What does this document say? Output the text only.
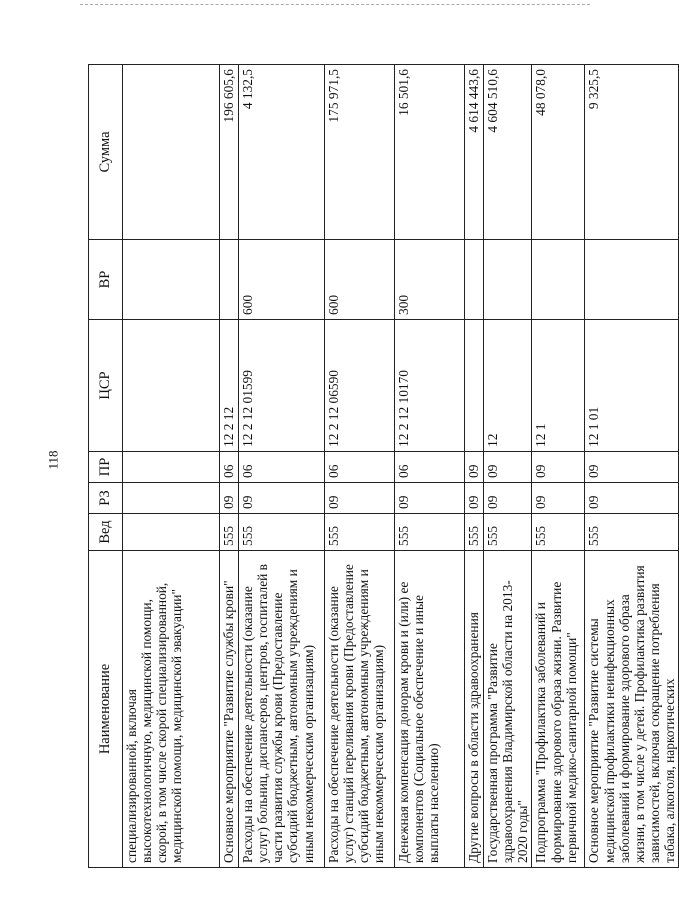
118
Наименование	Вед	РЗ	ПР	ЦСР	ВР	Сумма
специализированной, включая высокотехнологичную, медицинской помощи, скорой, в том числе скорой специализированной, медицинской помощи, медицинской эвакуации"						
Основное мероприятие "Развитие службы крови"	555	09	06	12 2 12		196 605,6
Расходы на обеспечение деятельности (оказание услуг) больниц, диспансеров, центров, госпиталей в части развития службы крови (Предоставление субсидий бюджетным, автономным учреждениям и иным некоммерческим организациям)	555	09	06	12 2 12 01599	600	4 132,5
Расходы на обеспечение деятельности (оказание услуг) станций переливания крови (Предоставление субсидий бюджетным, автономным учреждениям и иным некоммерческим организациям)	555	09	06	12 2 12 06590	600	175 971,5
Денежная компенсация донорам крови и (или) ее компонентов (Социальное обеспечение и иные выплаты населению)	555	09	06	12 2 12 10170	300	16 501,6
Другие вопросы в области здравоохранения	555	09	09			4 614 443,6
Государственная программа "Развитие здравоохранения Владимирской области на 2013-2020 годы"	555	09	09	12		4 604 510,6
Подпрограмма "Профилактика заболеваний и формирование здорового образа жизни. Развитие первичной медико-санитарной помощи"	555	09	09	12 1		48 078,0
Основное мероприятие "Развитие системы медицинской профилактики неинфекционных заболеваний и формирование здорового образа жизни, в том числе у детей. Профилактика развития зависимостей, включая сокращение потребления табака, алкоголя, наркотических	555	09	09	12 1 01		9 325,5
